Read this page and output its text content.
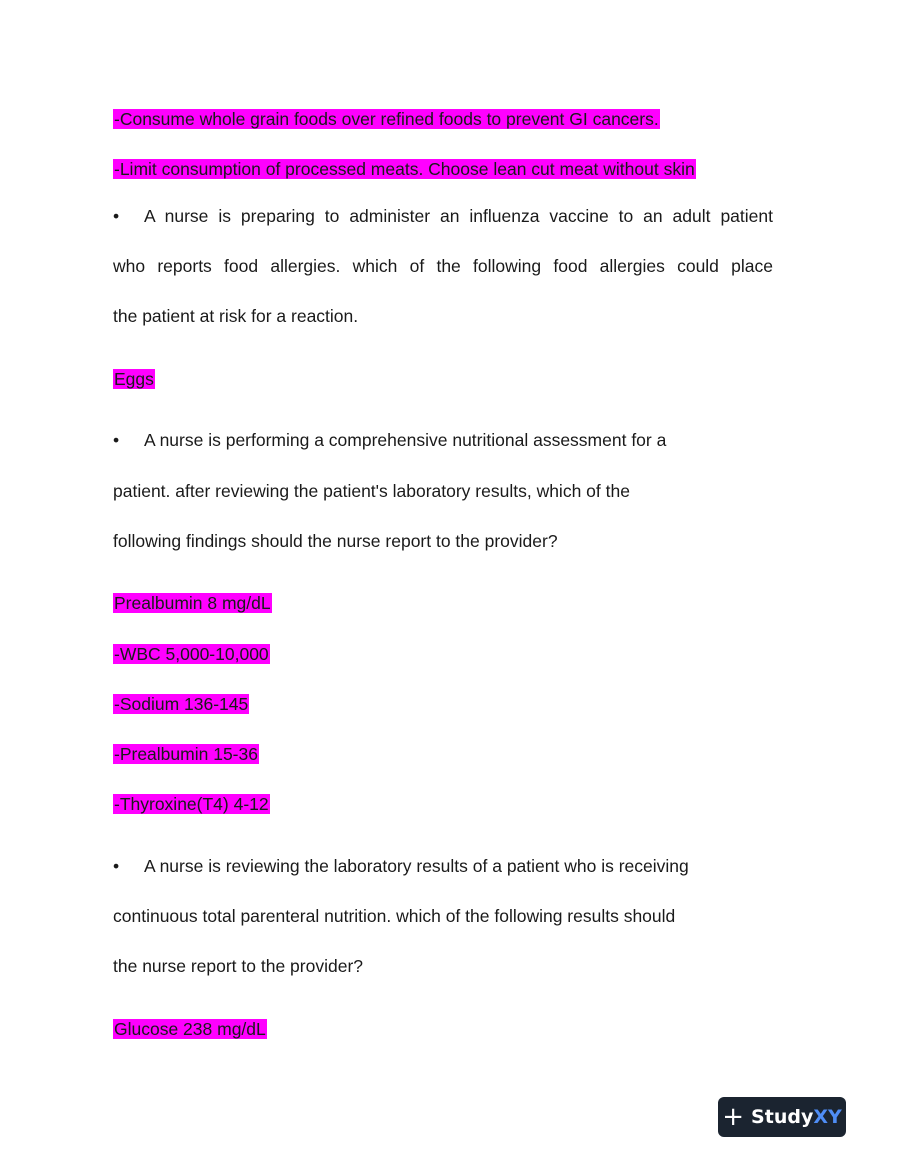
-Consume whole grain foods over refined foods to prevent GI cancers.
-Limit consumption of processed meats. Choose lean cut meat without skin
• A nurse is preparing to administer an influenza vaccine to an adult patient
who reports food allergies. which of the following food allergies could place
the patient at risk for a reaction.
Eggs
• A nurse is performing a comprehensive nutritional assessment for a
patient. after reviewing the patient's laboratory results, which of the
following findings should the nurse report to the provider?
Prealbumin 8 mg/dL
-WBC 5,000-10,000
-Sodium 136-145
-Prealbumin 15-36
-Thyroxine(T4) 4-12
• A nurse is reviewing the laboratory results of a patient who is receiving
continuous total parenteral nutrition. which of the following results should
the nurse report to the provider?
Glucose 238 mg/dL
+ Study XY
